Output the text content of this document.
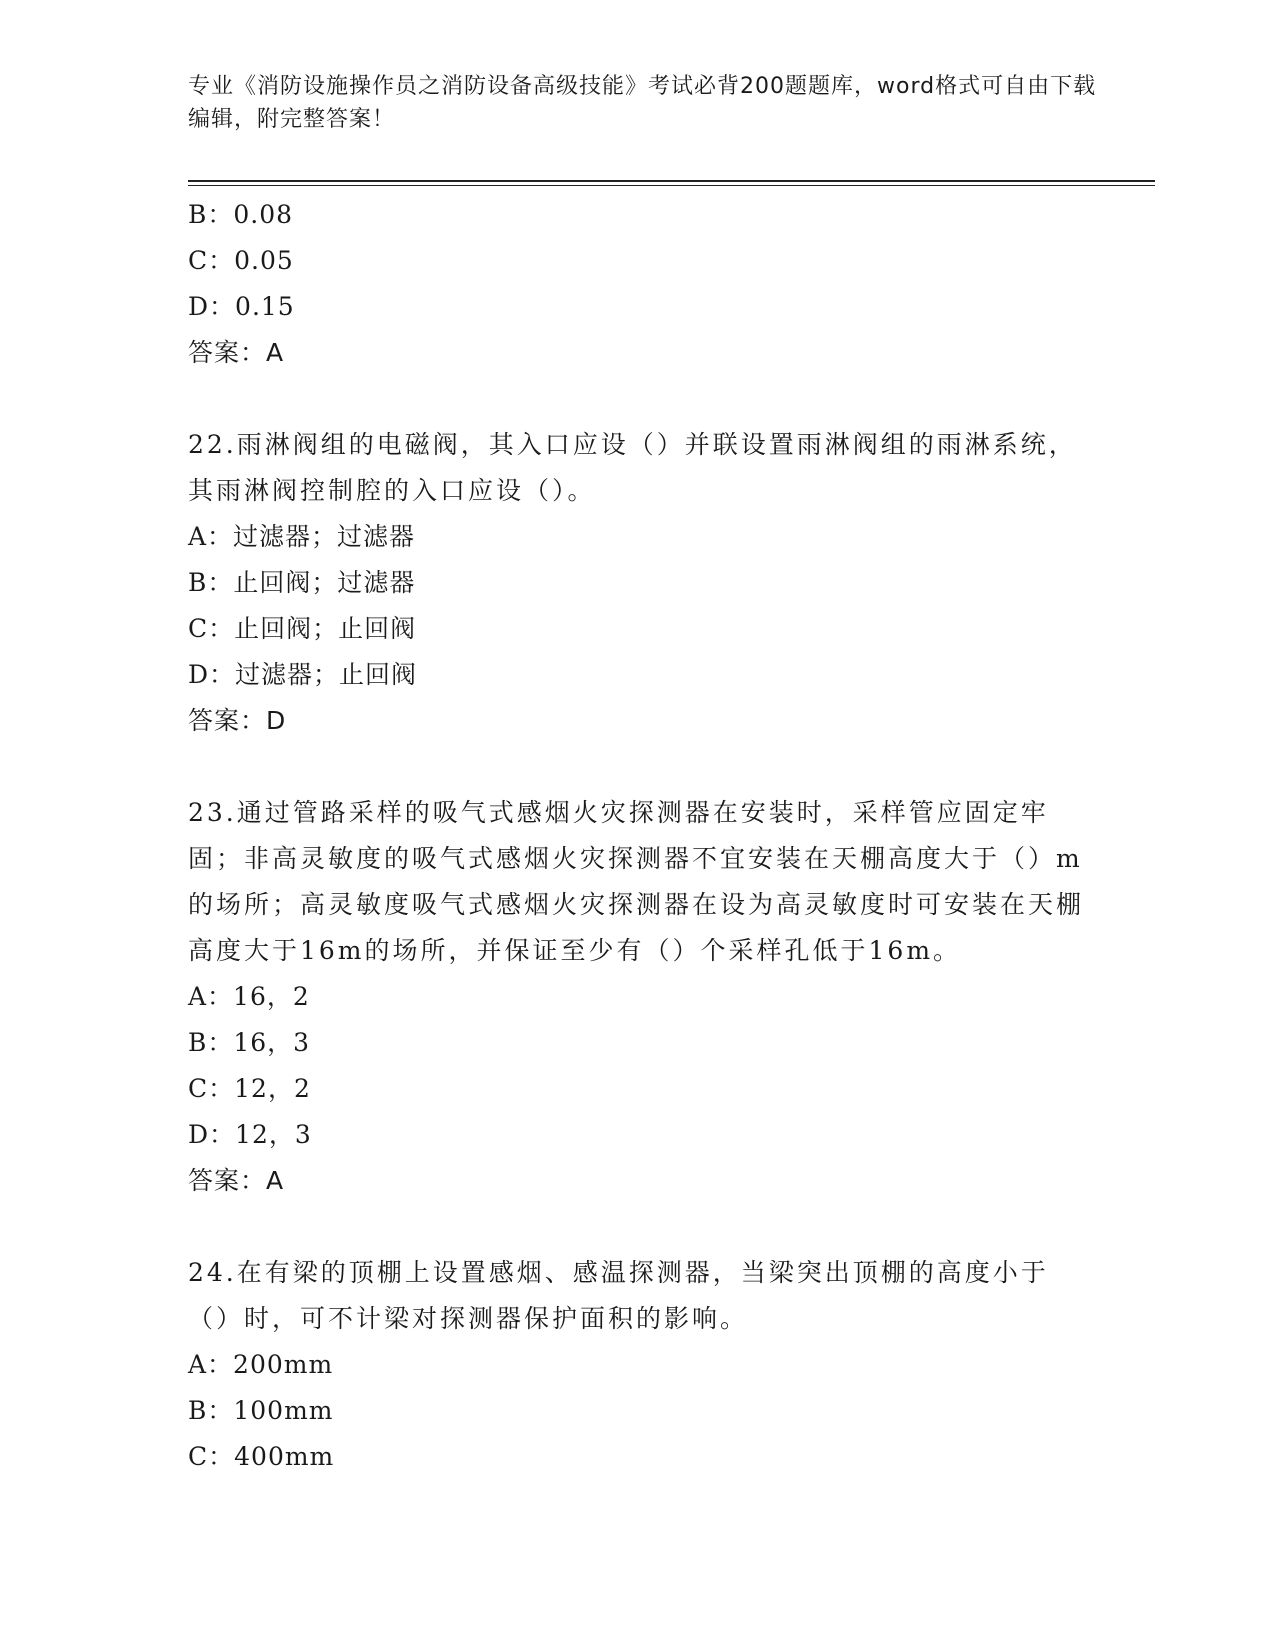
专业《消防设施操作员之消防设备高级技能》考试必背200题题库，word格式可自由下载编辑，附完整答案！
B：0.08
C：0.05
D：0.15
答案：A
22.雨淋阀组的电磁阀，其入口应设（）并联设置雨淋阀组的雨淋系统，其雨淋阀控制腔的入口应设（）。
A：过滤器；过滤器
B：止回阀；过滤器
C：止回阀；止回阀
D：过滤器；止回阀
答案：D
23.通过管路采样的吸气式感烟火灾探测器在安装时，采样管应固定牢固；非高灵敏度的吸气式感烟火灾探测器不宜安装在天棚高度大于（）m的场所；高灵敏度吸气式感烟火灾探测器在设为高灵敏度时可安装在天棚高度大于16m的场所，并保证至少有（）个采样孔低于16m。
A：16，2
B：16，3
C：12，2
D：12，3
答案：A
24.在有梁的顶棚上设置感烟、感温探测器，当梁突出顶棚的高度小于（）时，可不计梁对探测器保护面积的影响。
A：200mm
B：100mm
C：400mm
